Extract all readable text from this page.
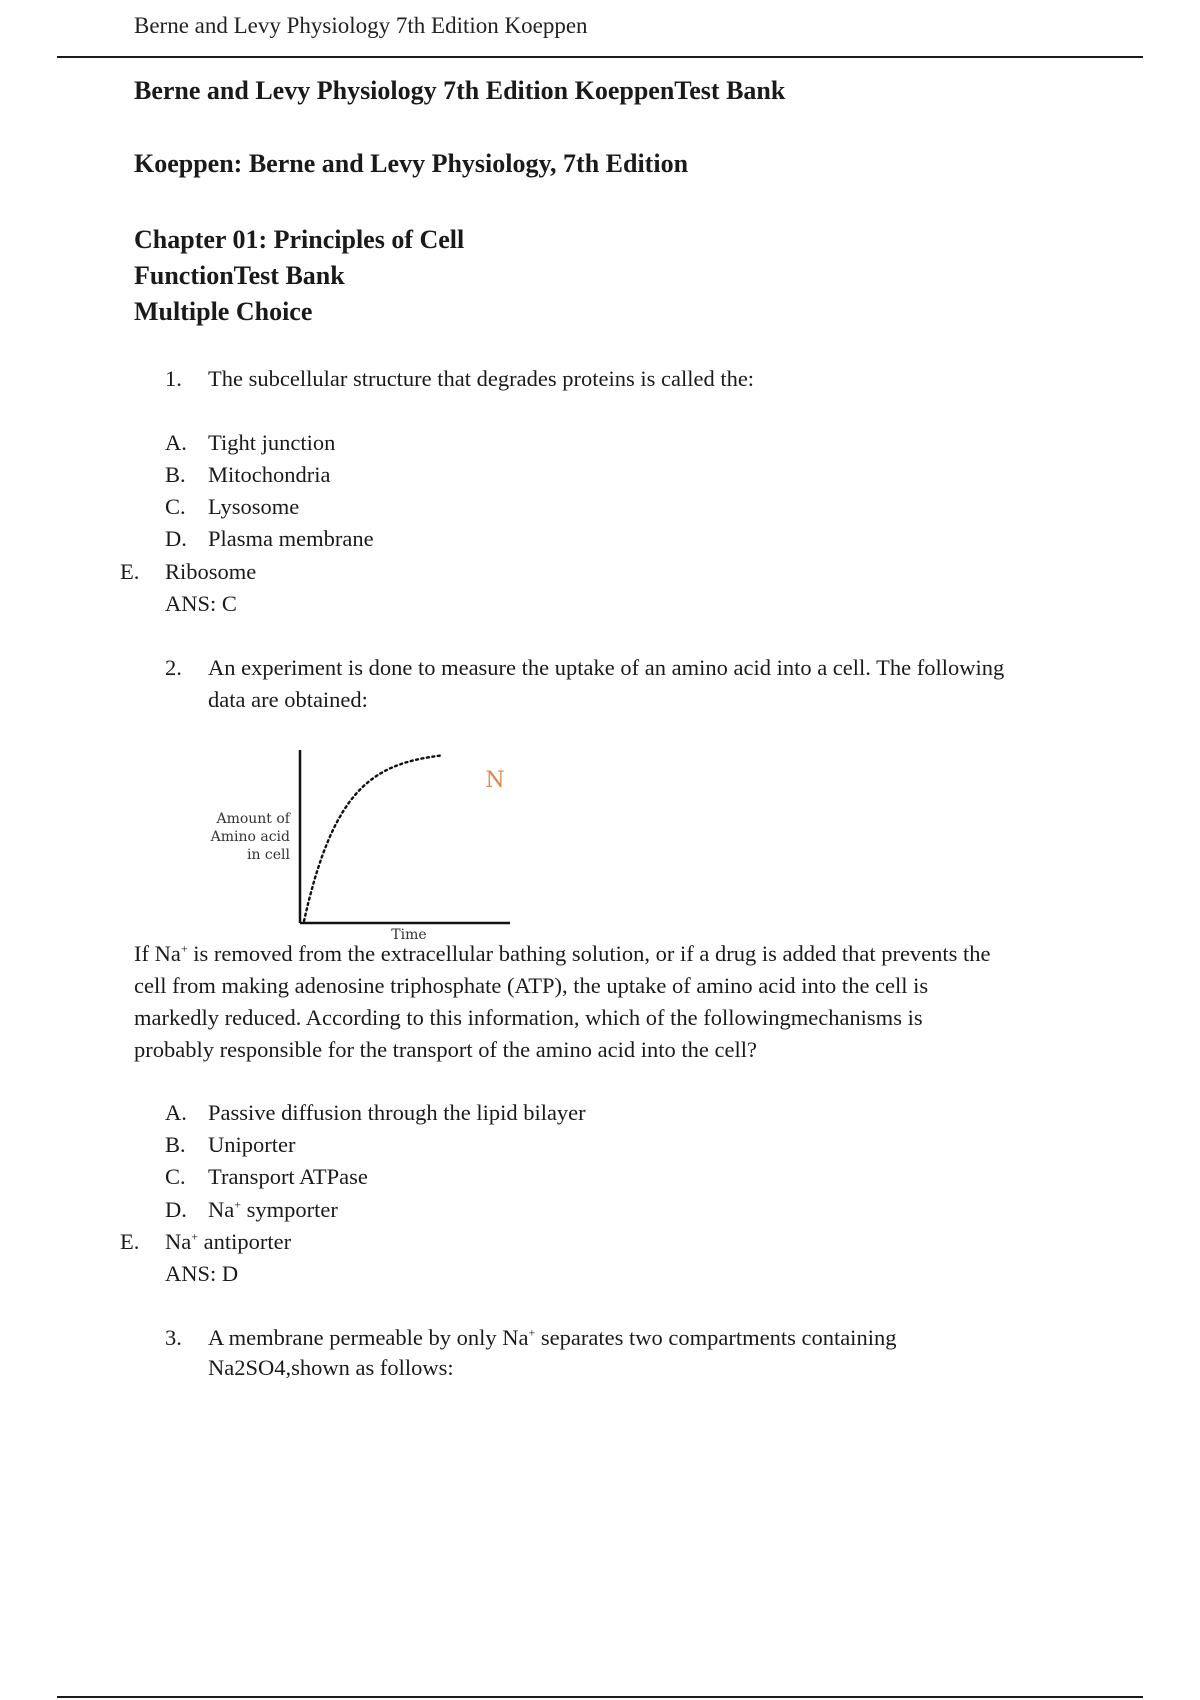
Berne and Levy Physiology 7th Edition Koeppen
Berne and Levy Physiology 7th Edition KoeppenTest Bank
Koeppen: Berne and Levy Physiology, 7th Edition
Chapter 01: Principles of Cell
FunctionTest Bank
Multiple Choice
1. The subcellular structure that degrades proteins is called the:
A. Tight junction
B. Mitochondria
C. Lysosome
D. Plasma membrane
E. Ribosome
ANS: C
2. An experiment is done to measure the uptake of an amino acid into a cell. The following
data are obtained:
Amount of
Amino acid
in cell
Time
N
If Na+ is removed from the extracellular bathing solution, or if a drug is added that prevents the
cell from making adenosine triphosphate (ATP), the uptake of amino acid into the cell is
markedly reduced. According to this information, which of the followingmechanisms is
probably responsible for the transport of the amino acid into the cell?
A. Passive diffusion through the lipid bilayer
B. Uniporter
C. Transport ATPase
D. Na+ symporter
E. Na+ antiporter
ANS: D
3. A membrane permeable by only Na+ separates two compartments containing
Na2SO4,shown as follows:
